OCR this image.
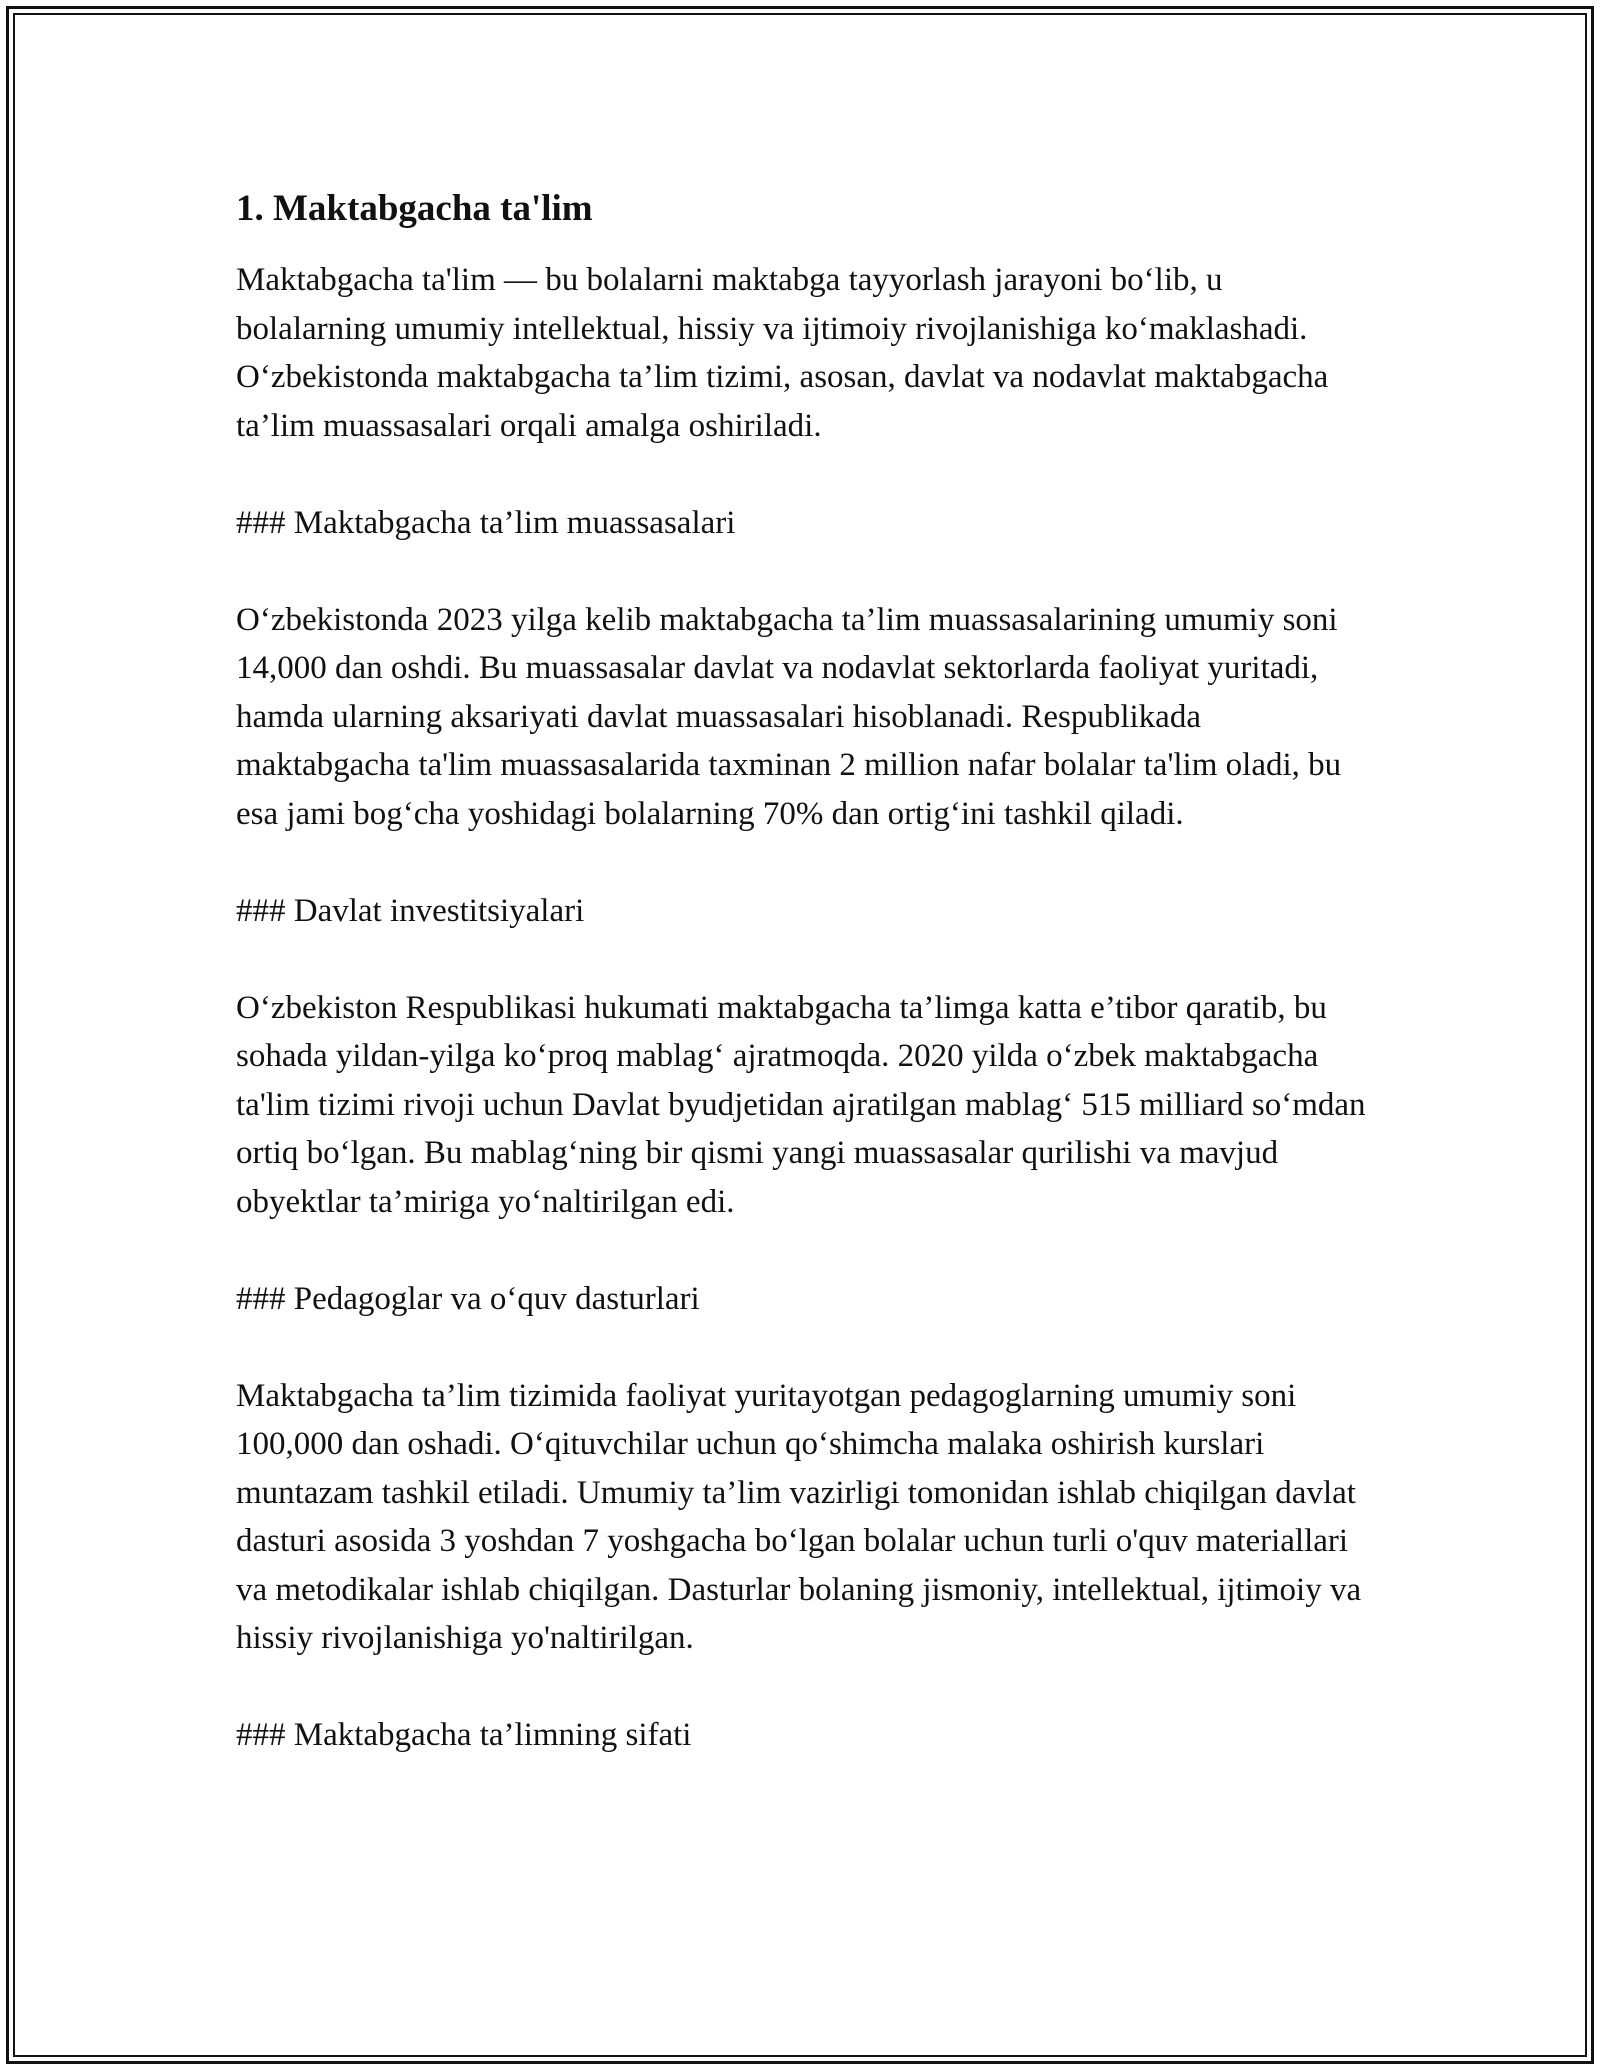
1. Maktabgacha ta'lim

Maktabgacha ta'lim — bu bolalarni maktabga tayyorlash jarayoni bo‘lib, u bolalarning umumiy intellektual, hissiy va ijtimoiy rivojlanishiga ko‘maklashadi. O‘zbekistonda maktabgacha ta’lim tizimi, asosan, davlat va nodavlat maktabgacha ta’lim muassasalari orqali amalga oshiriladi.

### Maktabgacha ta’lim muassasalari

O‘zbekistonda 2023 yilga kelib maktabgacha ta’lim muassasalarining umumiy soni 14,000 dan oshdi. Bu muassasalar davlat va nodavlat sektorlarda faoliyat yuritadi, hamda ularning aksariyati davlat muassasalari hisoblanadi. Respublikada maktabgacha ta'lim muassasalarida taxminan 2 million nafar bolalar ta'lim oladi, bu esa jami bog‘cha yoshidagi bolalarning 70% dan ortig‘ini tashkil qiladi.

### Davlat investitsiyalari

O‘zbekiston Respublikasi hukumati maktabgacha ta’limga katta e’tibor qaratib, bu sohada yildan-yilga ko‘proq mablag‘ ajratmoqda. 2020 yilda o‘zbek maktabgacha ta'lim tizimi rivoji uchun Davlat byudjetidan ajratilgan mablag‘ 515 milliard so‘mdan ortiq bo‘lgan. Bu mablag‘ning bir qismi yangi muassasalar qurilishi va mavjud obyektlar ta’miriga yo‘naltirilgan edi.

### Pedagoglar va o‘quv dasturlari

Maktabgacha ta’lim tizimida faoliyat yuritayotgan pedagoglarning umumiy soni 100,000 dan oshadi. O‘qituvchilar uchun qo‘shimcha malaka oshirish kurslari muntazam tashkil etiladi. Umumiy ta’lim vazirligi tomonidan ishlab chiqilgan davlat dasturi asosida 3 yoshdan 7 yoshgacha bo‘lgan bolalar uchun turli o'quv materiallari va metodikalar ishlab chiqilgan. Dasturlar bolaning jismoniy, intellektual, ijtimoiy va hissiy rivojlanishiga yo'naltirilgan.

### Maktabgacha ta’limning sifati
